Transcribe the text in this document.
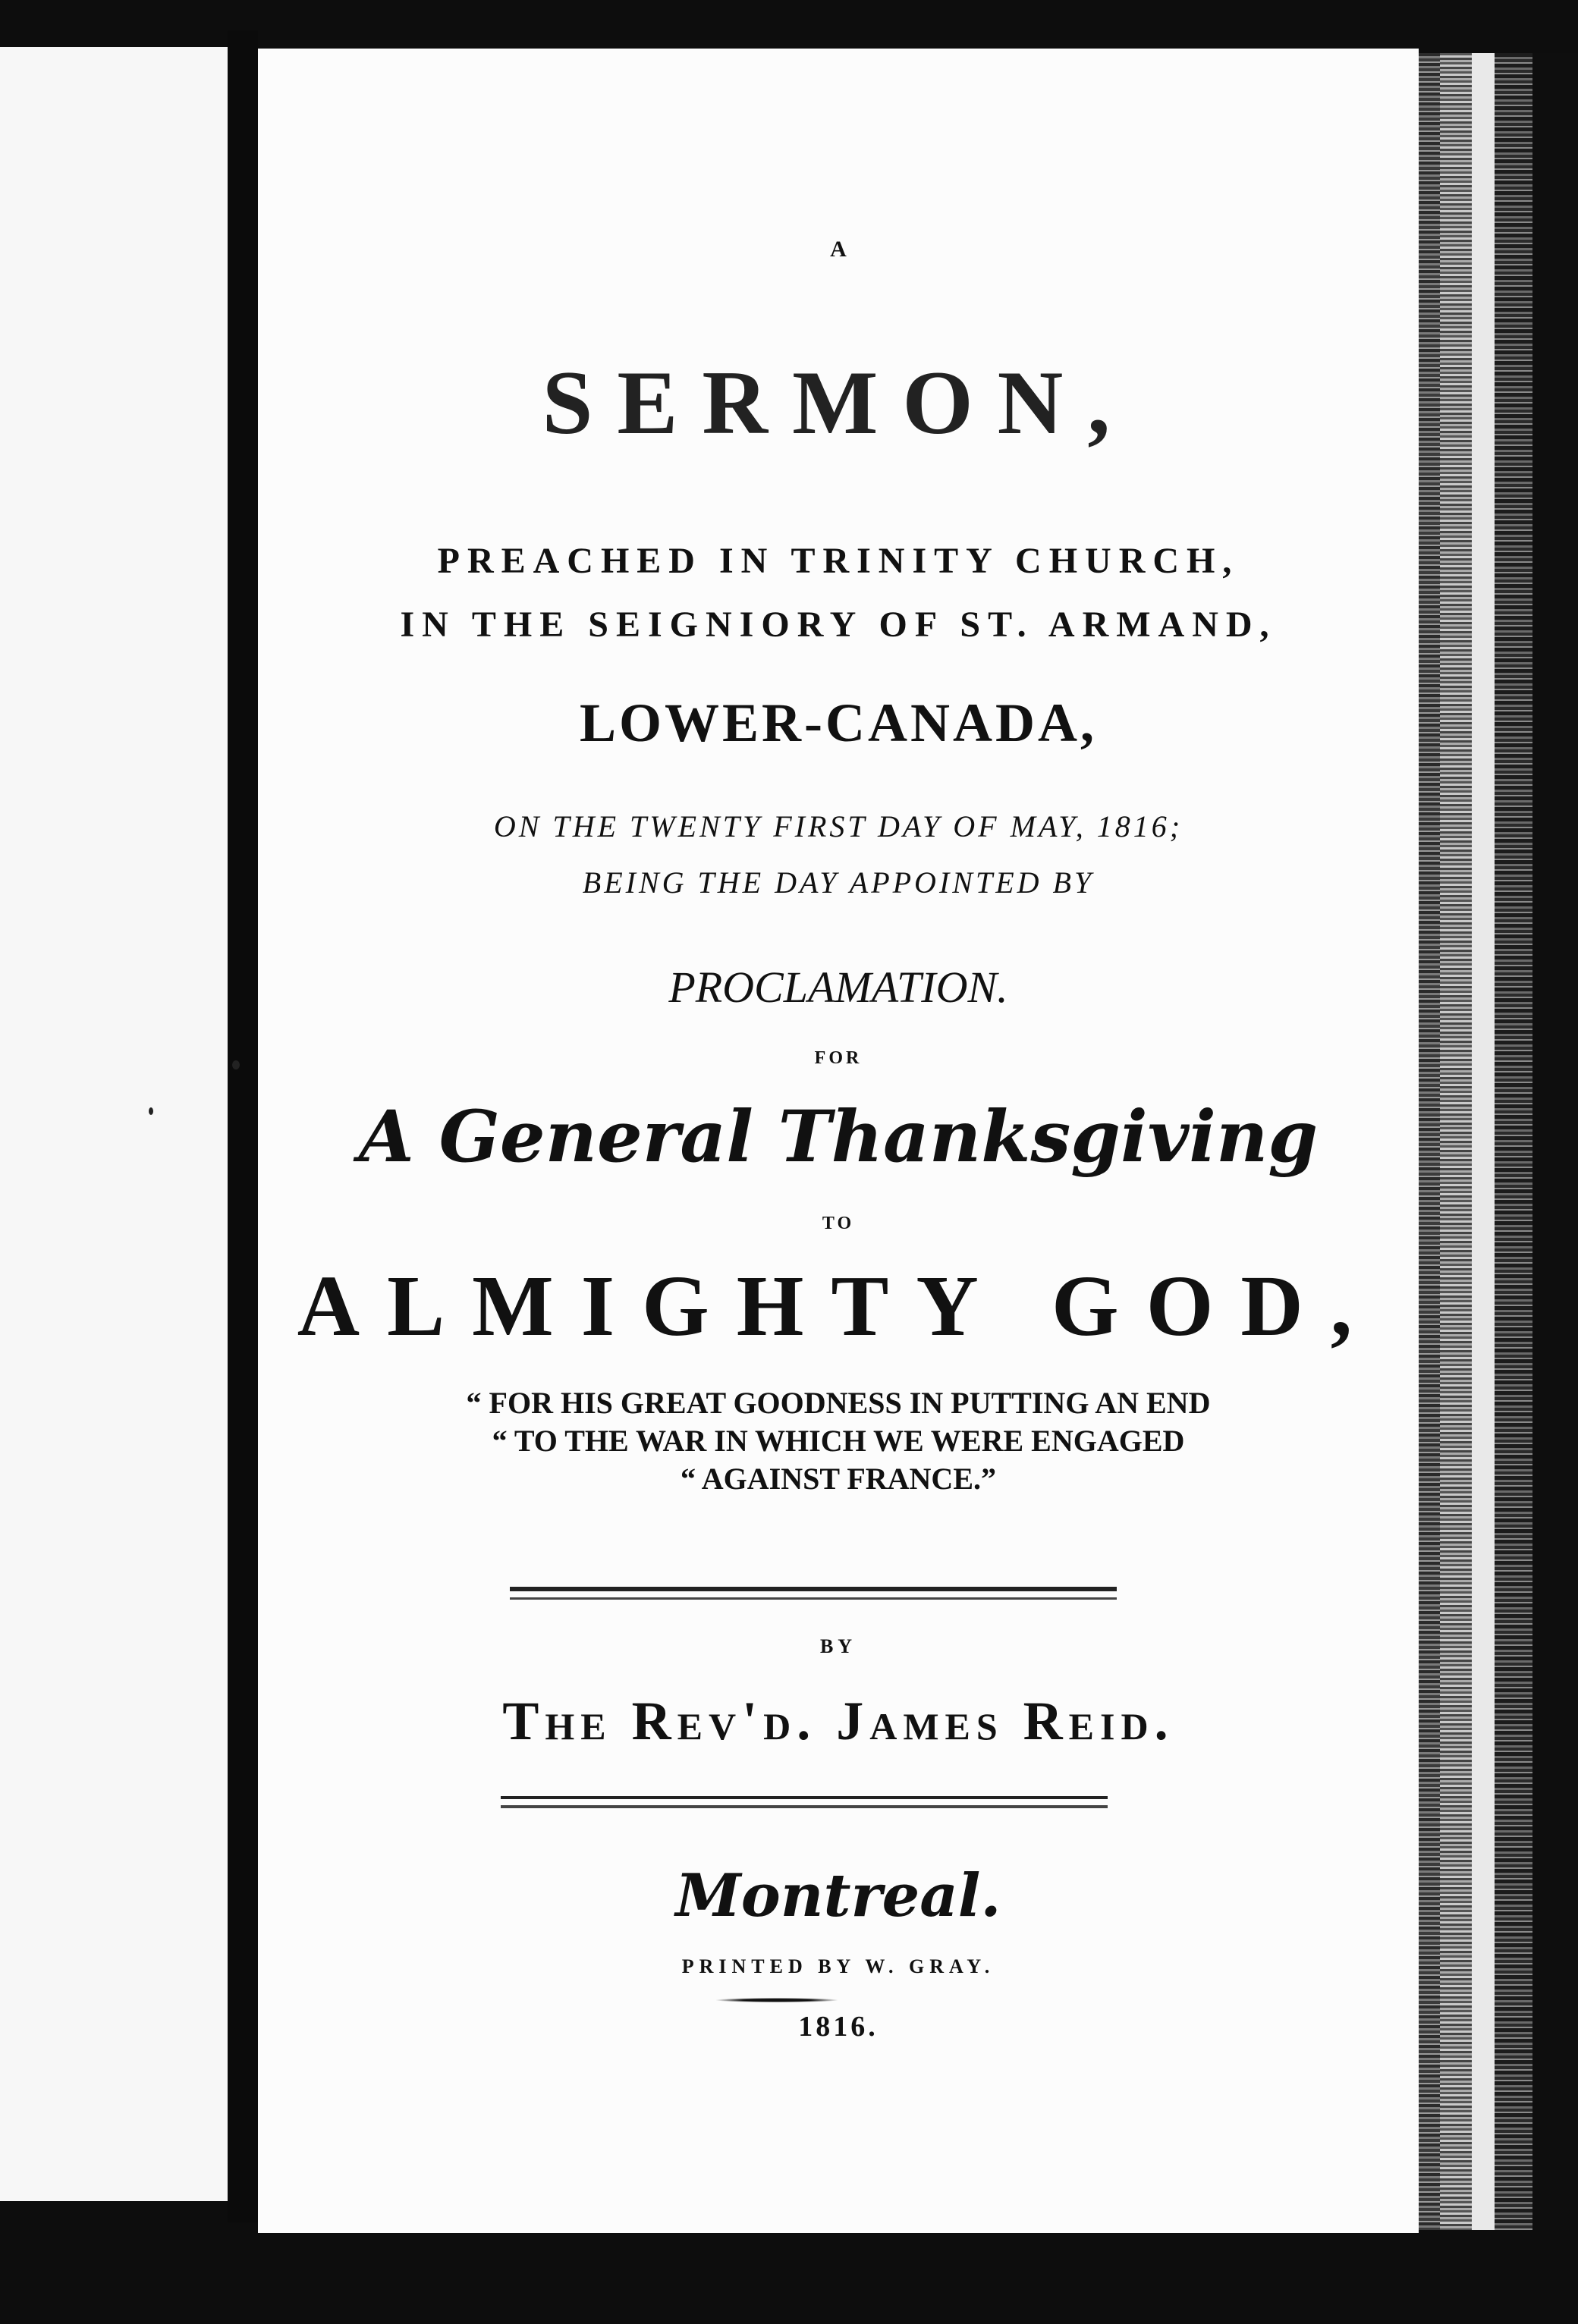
A
SERMON,
PREACHED IN TRINITY CHURCH,
IN THE SEIGNIORY OF ST. ARMAND,
LOWER-CANADA,
ON THE TWENTY FIRST DAY OF MAY, 1816;
BEING THE DAY APPOINTED BY
PROCLAMATION.
FOR
A General Thanksgiving
TO
ALMIGHTY GOD,
“ FOR HIS GREAT GOODNESS IN PUTTING AN END
“ TO THE WAR IN WHICH WE WERE ENGAGED
“ AGAINST FRANCE.”
BY
The Rev'd. James Reid.
Montreal.
PRINTED BY W. GRAY.
1816.
